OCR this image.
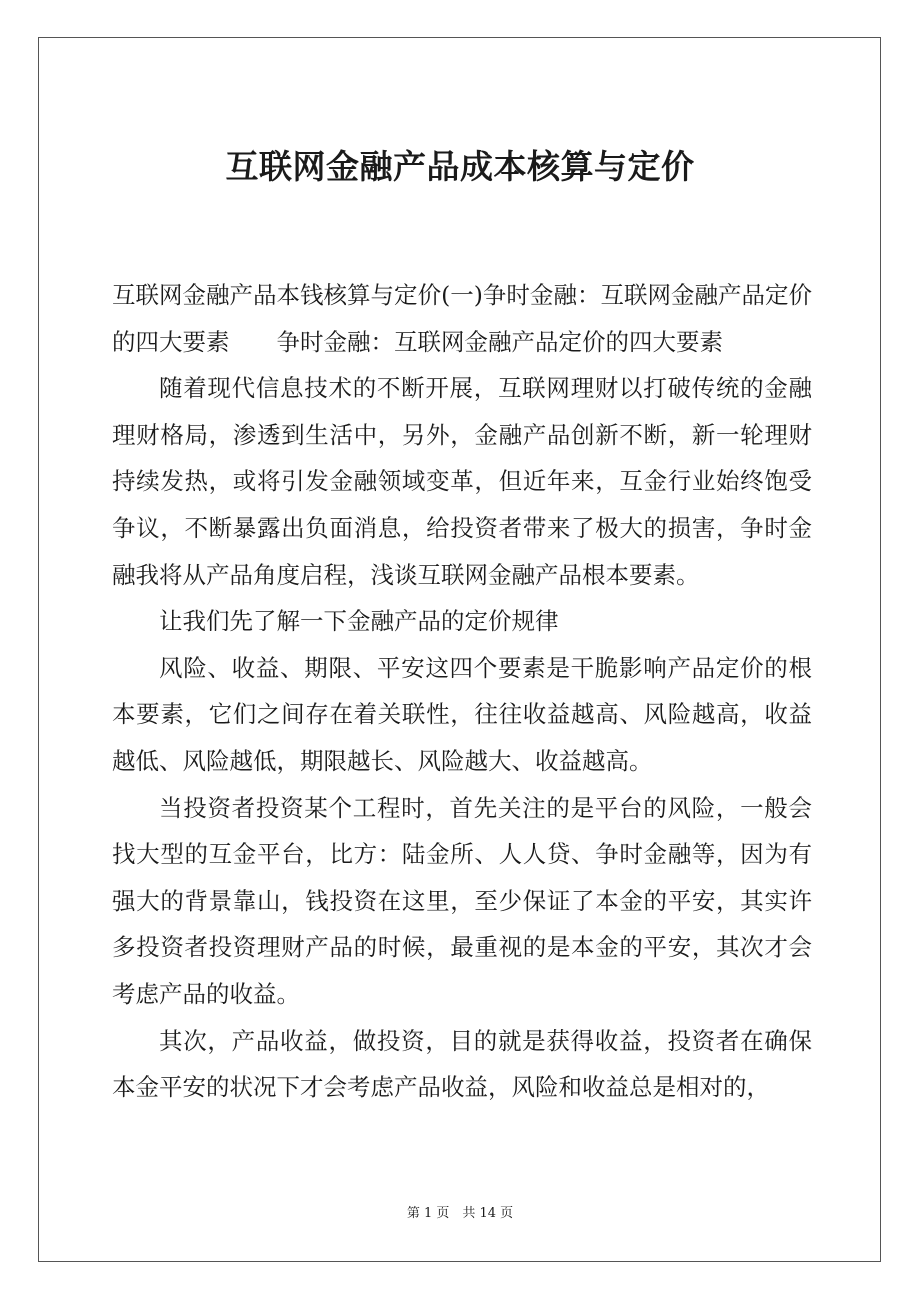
互联网金融产品成本核算与定价

互联网金融产品本钱核算与定价(一)争时金融：互联网金融产品定价的四大要素　　争时金融：互联网金融产品定价的四大要素

随着现代信息技术的不断开展，互联网理财以打破传统的金融理财格局，渗透到生活中，另外，金融产品创新不断，新一轮理财持续发热，或将引发金融领域变革，但近年来，互金行业始终饱受争议，不断暴露出负面消息，给投资者带来了极大的损害，争时金融我将从产品角度启程，浅谈互联网金融产品根本要素。

让我们先了解一下金融产品的定价规律

风险、收益、期限、平安这四个要素是干脆影响产品定价的根本要素，它们之间存在着关联性，往往收益越高、风险越高，收益越低、风险越低，期限越长、风险越大、收益越高。

当投资者投资某个工程时，首先关注的是平台的风险，一般会找大型的互金平台，比方：陆金所、人人贷、争时金融等，因为有强大的背景靠山，钱投资在这里，至少保证了本金的平安，其实许多投资者投资理财产品的时候，最重视的是本金的平安，其次才会考虑产品的收益。

其次，产品收益，做投资，目的就是获得收益，投资者在确保本金平安的状况下才会考虑产品收益，风险和收益总是相对的，

第 1 页　共 14 页
